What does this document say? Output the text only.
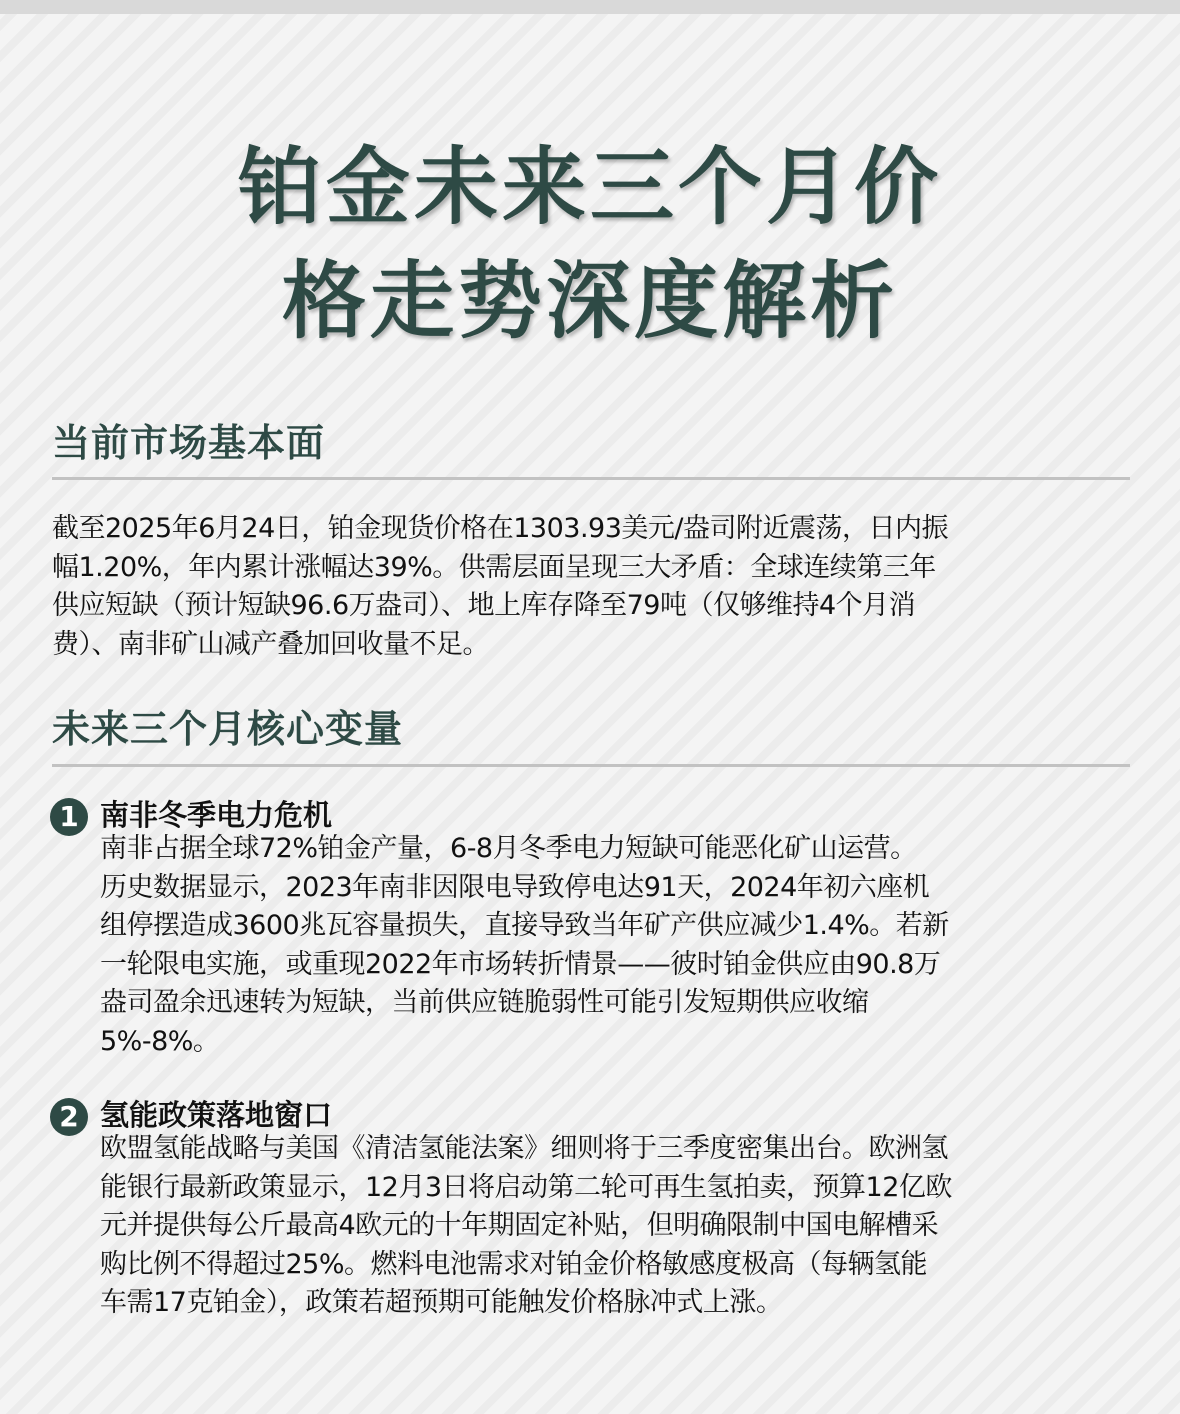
铂金未来三个月价
格走势深度解析
当前市场基本面
截至2025年6月24日，铂金现货价格在1303.93美元/盎司附近震荡，日内振
幅1.20%，年内累计涨幅达39%。供需层面呈现三大矛盾：全球连续第三年
供应短缺（预计短缺96.6万盎司）、地上库存降至79吨（仅够维持4个月消
费）、南非矿山减产叠加回收量不足。
未来三个月核心变量
1 南非冬季电力危机
南非占据全球72%铂金产量，6-8月冬季电力短缺可能恶化矿山运营。
历史数据显示，2023年南非因限电导致停电达91天，2024年初六座机
组停摆造成3600兆瓦容量损失，直接导致当年矿产供应减少1.4%。若新
一轮限电实施，或重现2022年市场转折情景——彼时铂金供应由90.8万
盎司盈余迅速转为短缺，当前供应链脆弱性可能引发短期供应收缩
5%-8%。
2 氢能政策落地窗口
欧盟氢能战略与美国《清洁氢能法案》细则将于三季度密集出台。欧洲氢
能银行最新政策显示，12月3日将启动第二轮可再生氢拍卖，预算12亿欧
元并提供每公斤最高4欧元的十年期固定补贴，但明确限制中国电解槽采
购比例不得超过25%。燃料电池需求对铂金价格敏感度极高（每辆氢能
车需17克铂金），政策若超预期可能触发价格脉冲式上涨。
